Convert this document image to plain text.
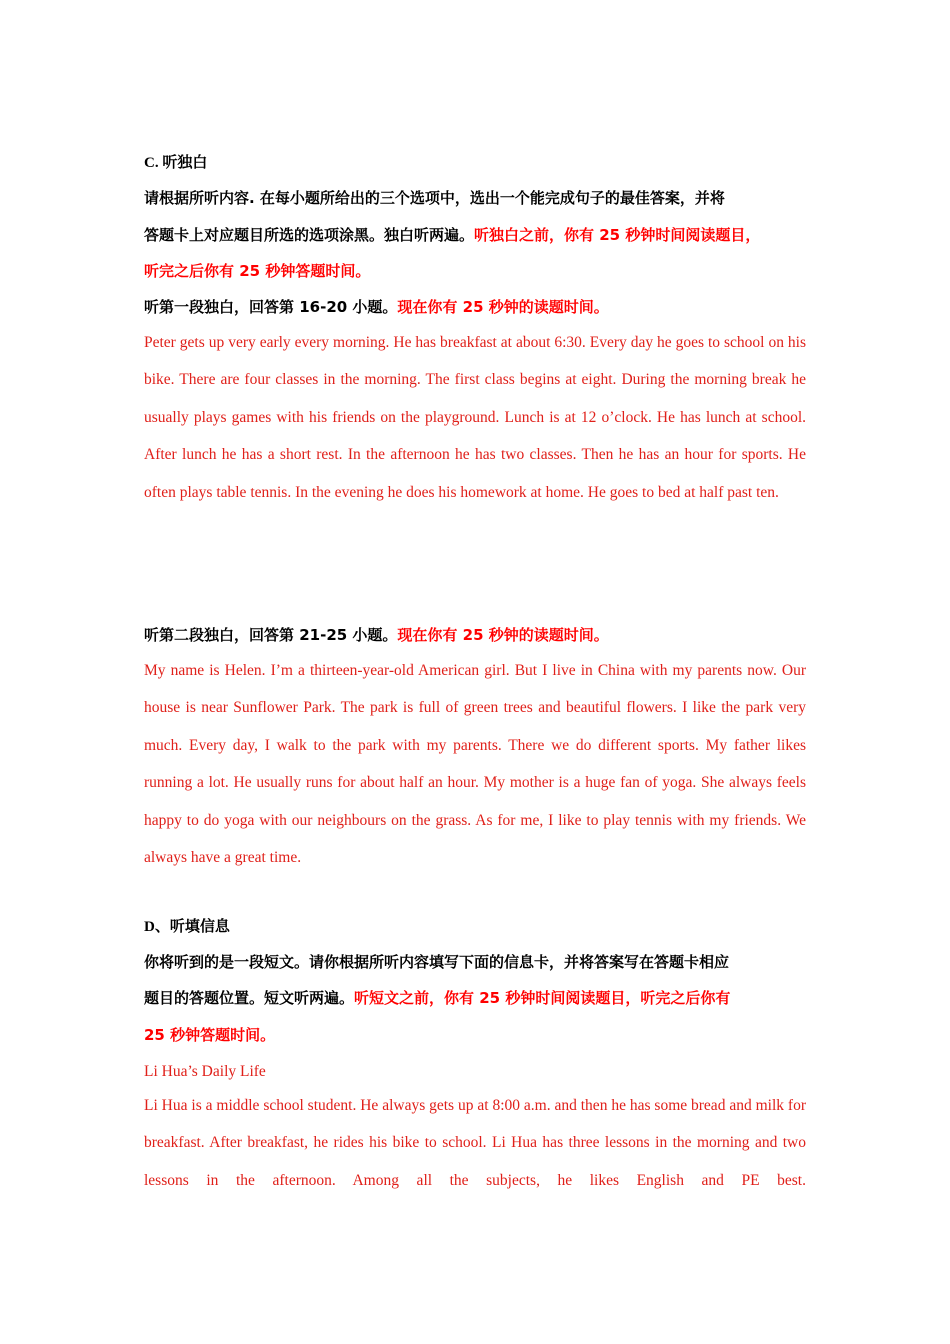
C. 听独白
请根据所听内容. 在每小题所给出的三个选项中，选出一个能完成句子的最佳答案，并将
答题卡上对应题目所选的选项涂黑。独白听两遍。听独白之前，你有 25 秒钟时间阅读题目，
听完之后你有 25 秒钟答题时间。
听第一段独白，回答第 16-20 小题。现在你有 25 秒钟的读题时间。
Peter gets up very early every morning. He has breakfast at about 6:30. Every day he goes to school on his bike. There are four classes in the morning. The first class begins at eight. During the morning break he usually plays games with his friends on the playground. Lunch is at 12 o’clock. He has lunch at school. After lunch he has a short rest. In the afternoon he has two classes. Then he has an hour for sports. He often plays table tennis. In the evening he does his homework at home. He goes to bed at half past ten.
听第二段独白，回答第 21-25 小题。现在你有 25 秒钟的读题时间。
My name is Helen. I’m a thirteen-year-old American girl. But I live in China with my parents now. Our house is near Sunflower Park. The park is full of green trees and beautiful flowers. I like the park very much. Every day, I walk to the park with my parents. There we do different sports. My father likes running a lot. He usually runs for about half an hour. My mother is a huge fan of yoga. She always feels happy to do yoga with our neighbours on the grass. As for me, I like to play tennis with my friends. We always have a great time.
D、听填信息
你将听到的是一段短文。请你根据所听内容填写下面的信息卡，并将答案写在答题卡相应
题目的答题位置。短文听两遍。听短文之前，你有 25 秒钟时间阅读题目，听完之后你有
25 秒钟答题时间。
Li Hua’s Daily Life
Li Hua is a middle school student. He always gets up at 8:00 a.m. and then he has some bread and milk for breakfast. After breakfast, he rides his bike to school. Li Hua has three lessons in the morning and two lessons in the afternoon. Among all the subjects, he likes English and PE best.
